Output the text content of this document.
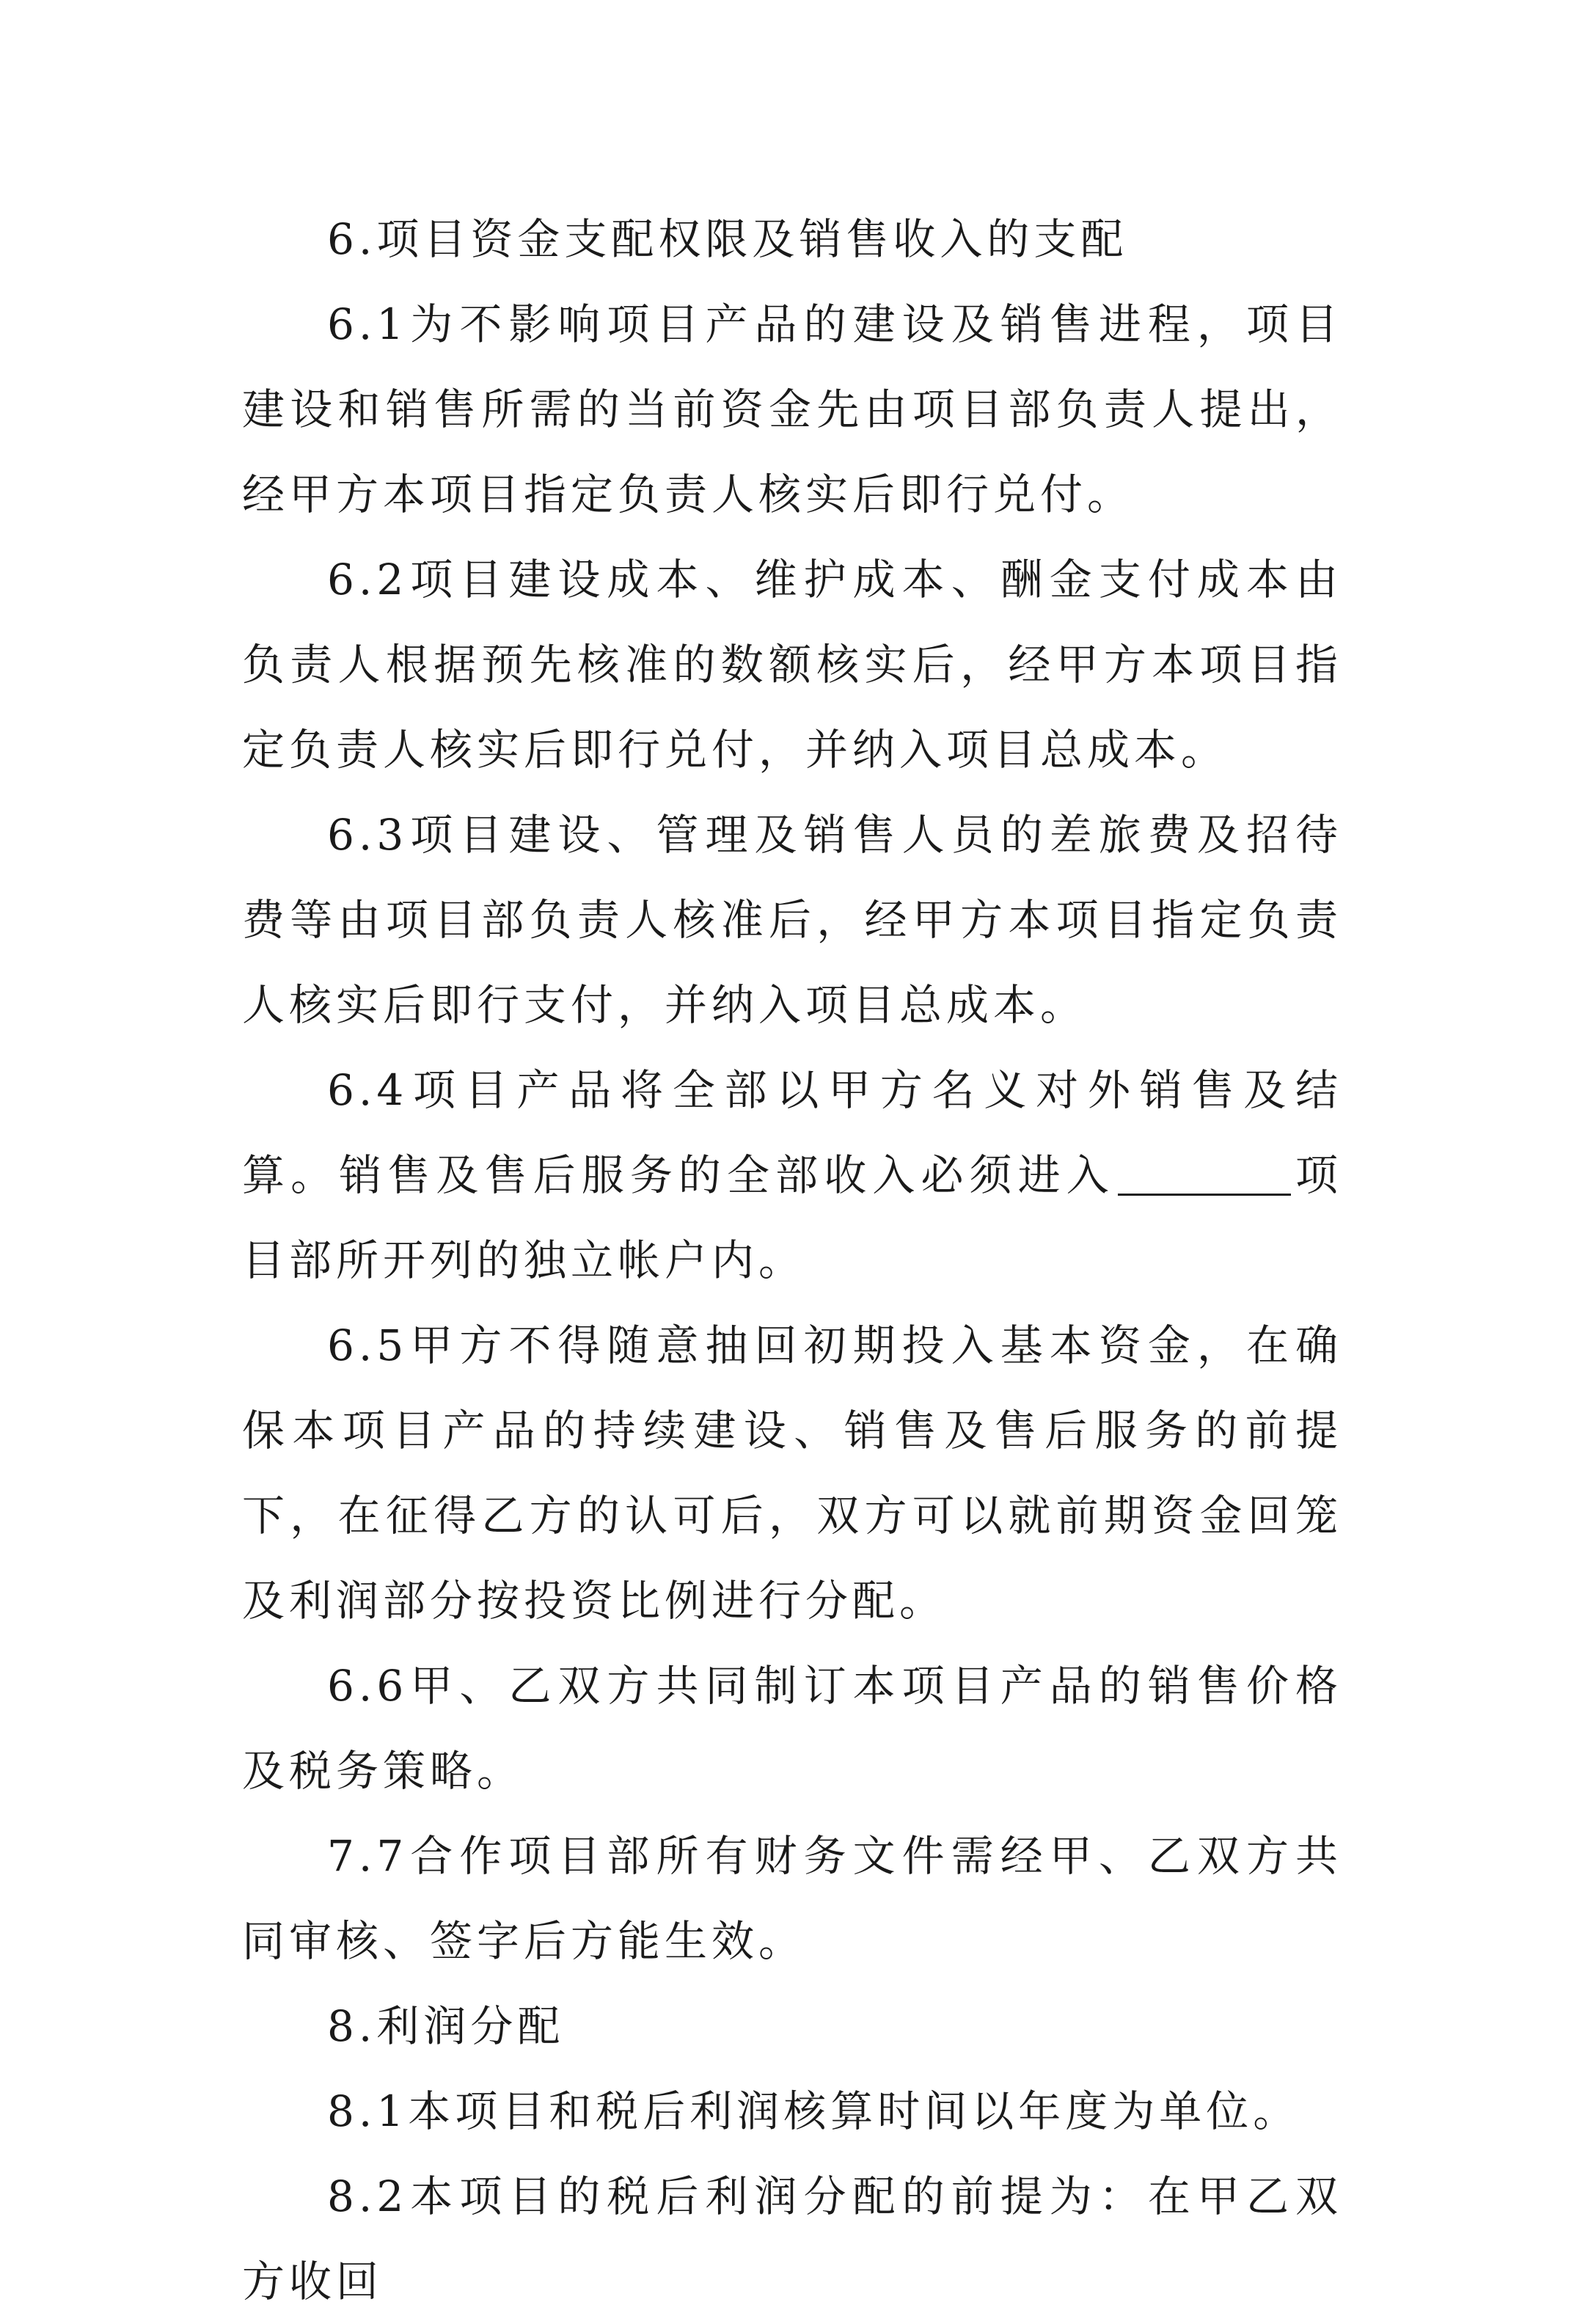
6.项目资金支配权限及销售收入的支配

6.1为不影响项目产品的建设及销售进程，项目建设和销售所需的当前资金先由项目部负责人提出，经甲方本项目指定负责人核实后即行兑付。

6.2项目建设成本、维护成本、酬金支付成本由负责人根据预先核准的数额核实后，经甲方本项目指定负责人核实后即行兑付，并纳入项目总成本。

6.3项目建设、管理及销售人员的差旅费及招待费等由项目部负责人核准后，经甲方本项目指定负责人核实后即行支付，并纳入项目总成本。

6.4项目产品将全部以甲方名义对外销售及结算。销售及售后服务的全部收入必须进入	项目部所开列的独立帐户内。

6.5甲方不得随意抽回初期投入基本资金，在确保本项目产品的持续建设、销售及售后服务的前提下，在征得乙方的认可后，双方可以就前期资金回笼及利润部分按投资比例进行分配。

6.6甲、乙双方共同制订本项目产品的销售价格及税务策略。

7.7合作项目部所有财务文件需经甲、乙双方共同审核、签字后方能生效。

8.利润分配

8.1本项目和税后利润核算时间以年度为单位。

8.2本项目的税后利润分配的前提为：在甲乙双方收回
